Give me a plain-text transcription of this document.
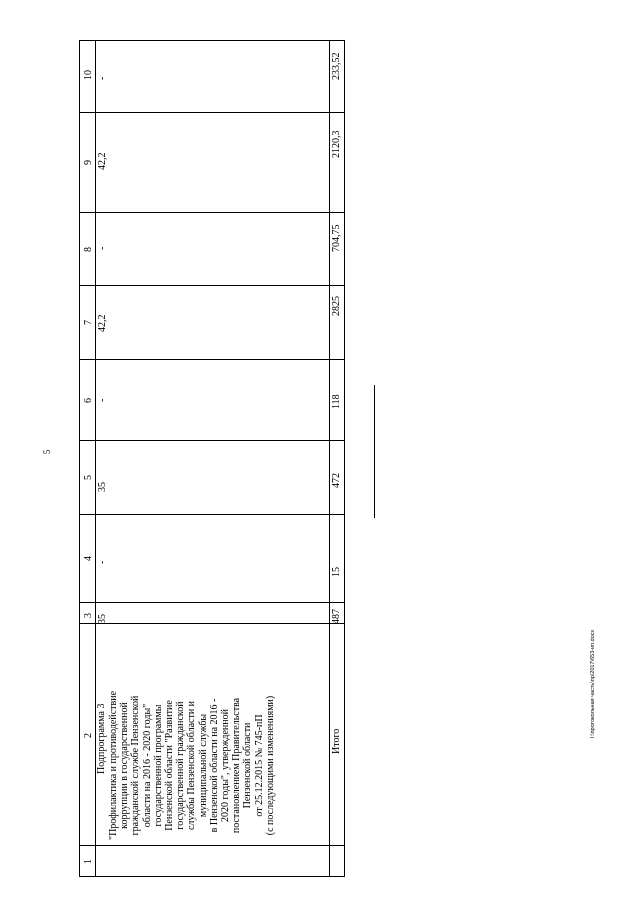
5
10
9
8
7
6
5
4
3
2
1
-
42,2
-
42,2
-
35
-
35
Подпрограмма 3
"Профилактика и противодействие
коррупции в государственной
гражданской службе Пензенской
области на 2016 - 2020 годы"
государственной программы
Пензенской области "Развитие
государственной гражданской
службы Пензенской области и
муниципальной службы
в Пензенской области на 2016 -
2020 годы", утвержденной
постановлением Правительства
Пензенской области
от 25.12.2015 № 745-пП
(с последующими изменениями)
233,52
2120,3
704,75
2825
118
472
15
487
Итого
I:\протокольная часть\пр\2017\653-ип.docx
